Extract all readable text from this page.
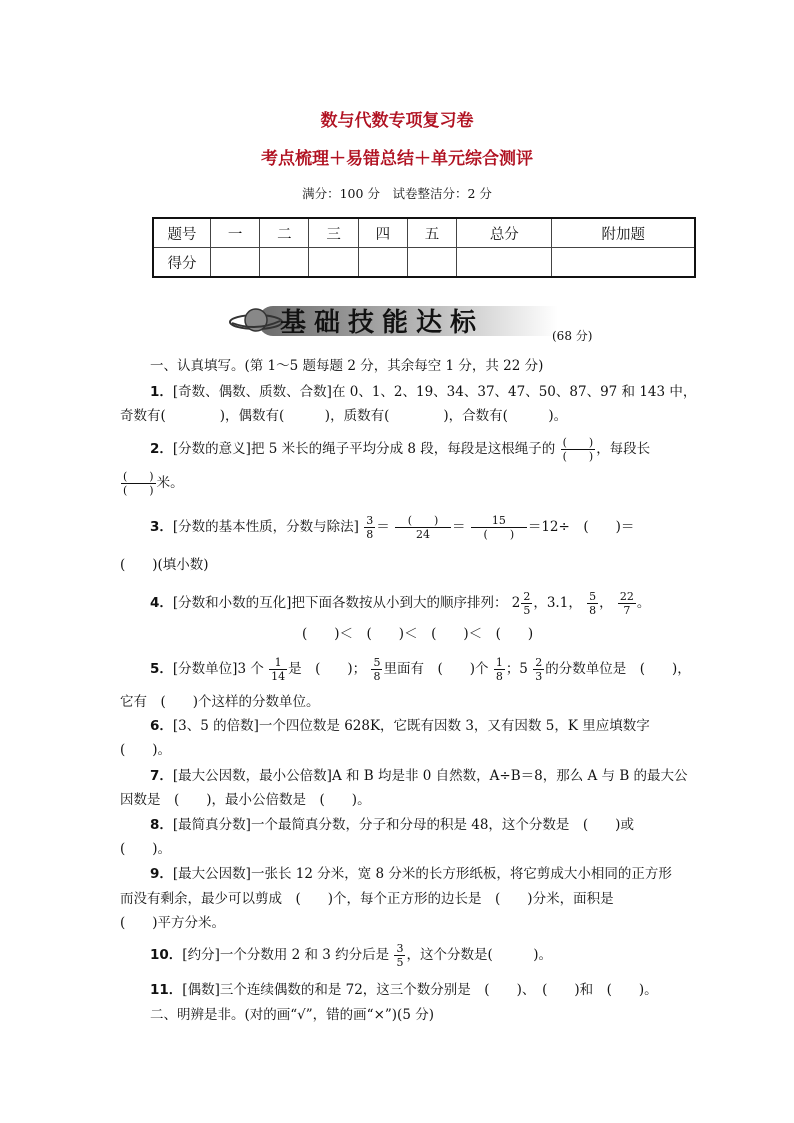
数与代数专项复习卷
考点梳理＋易错总结＋单元综合测评
满分：100 分　试卷整洁分：2 分
题号	一	二	三	四	五	总分	附加题
得分							
基础技能达标	(68 分)
一、认真填写。(第 1～5 题每题 2 分，其余每空 1 分，共 22 分)
1．[奇数、偶数、质数、合数]在 0、1、2、19、34、37、47、50、87、97 和 143 中，
奇数有(　　　　)，偶数有(　　　)，质数有(　　　　)，合数有(　　　)。
2．[分数的意义]把 5 米长的绳子平均分成 8 段，每段是这根绳子的 $\frac{( )}{( )}$ ，每段长
$\frac{( )}{( )}$ 米。
3．[分数的基本性质，分数与除法] $\frac{3}{8} = \frac{( )}{24} = \frac{15}{( )} =12\div$　(　　)＝
(　　)(填小数)
4．[分数和小数的互化]把下面各数按从小到大的顺序排列： $2 \frac{2}{5}$ ，3.1， $\frac{5}{8}$ ， $\frac{22}{7}$ 。
(　　)＜　(　　)＜　(　　)＜　(　　)
5．[分数单位]3 个 $\frac{1}{14}$ 是　(　　)； $\frac{5}{8}$ 里面有　(　　)个 $\frac{1}{8}$ ；$5 \frac{2}{3}$ 的分数单位是　(　　)，
它有　(　　)个这样的分数单位。
6．[3、5 的倍数]一个四位数是 628K，它既有因数 3，又有因数 5，K 里应填数字
(　　)。
7．[最大公因数，最小公倍数]A 和 B 均是非 0 自然数，A÷B＝8，那么 A 与 B 的最大公
因数是　(　　)，最小公倍数是　(　　)。
8．[最简真分数]一个最简真分数，分子和分母的积是 48，这个分数是　(　　)或
(　　)。
9．[最大公因数]一张长 12 分米，宽 8 分米的长方形纸板，将它剪成大小相同的正方形
而没有剩余，最少可以剪成　(　　)个，每个正方形的边长是　(　　)分米，面积是
(　　)平方分米。
10．[约分]一个分数用 2 和 3 约分后是 $\frac{3}{5}$ ，这个分数是(　　　)。
11．[偶数]三个连续偶数的和是 72，这三个数分别是　(　　)、　(　　)和　(　　)。
二、明辨是非。(对的画“√”，错的画“×”)(5 分)
